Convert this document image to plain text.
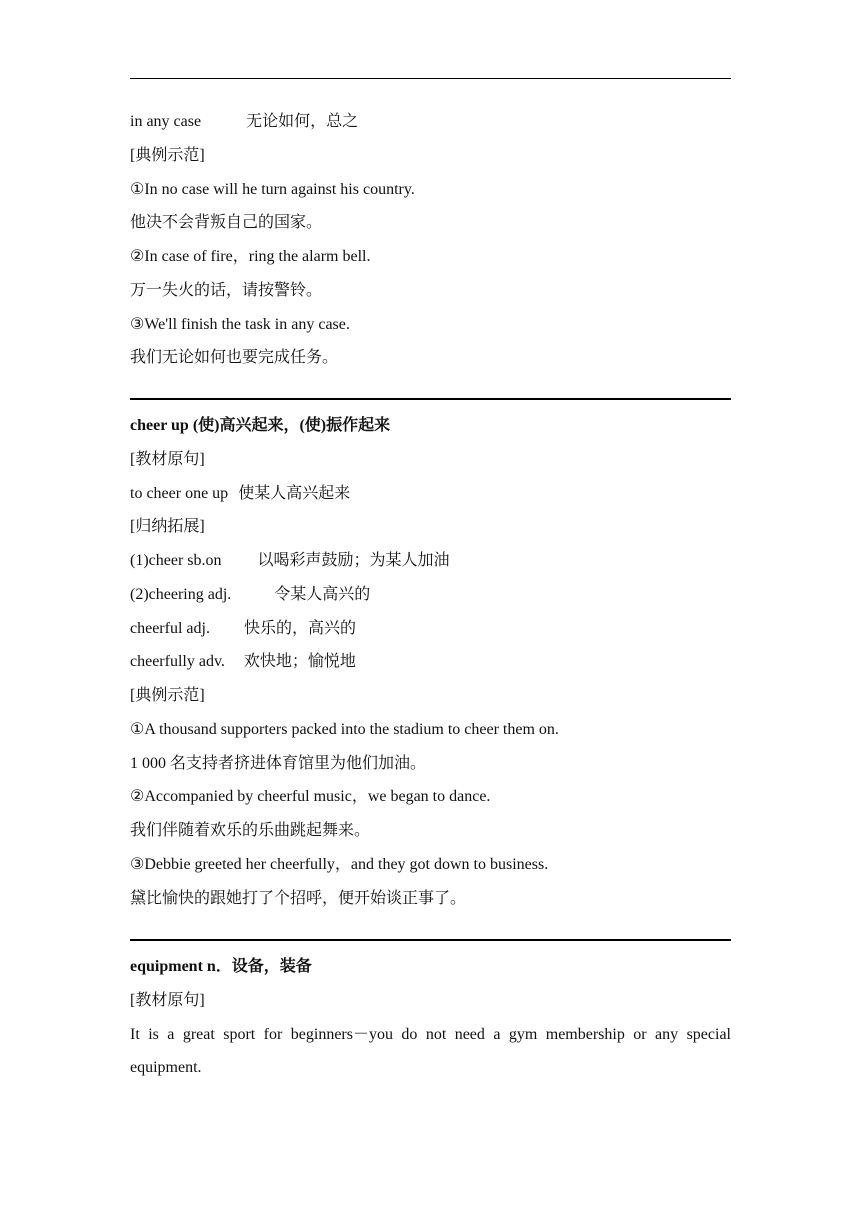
in any case	无论如何，总之
[典例示范]
①In no case will he turn against his country.
他决不会背叛自己的国家。
②In case of fire，ring the alarm bell.
万一失火的话，请按警铃。
③We'll finish the task in any case.
我们无论如何也要完成任务。
cheer up (使)高兴起来，(使)振作起来
[教材原句]
to cheer one up 使某人高兴起来
[归纳拓展]
(1)cheer sb.on 以喝彩声鼓励；为某人加油
(2)cheering adj.	令某人高兴的
cheerful adj. 快乐的，高兴的
cheerfully adv. 欢快地；愉悦地
[典例示范]
①A thousand supporters packed into the stadium to cheer them on.
1 000 名支持者挤进体育馆里为他们加油。
②Accompanied by cheerful music，we began to dance.
我们伴随着欢乐的乐曲跳起舞来。
③Debbie greeted her cheerfully，and they got down to business.
黛比愉快的跟她打了个招呼，便开始谈正事了。
equipment n．设备，装备
[教材原句]
It is a great sport for beginners－you do not need a gym membership or any special
equipment.
